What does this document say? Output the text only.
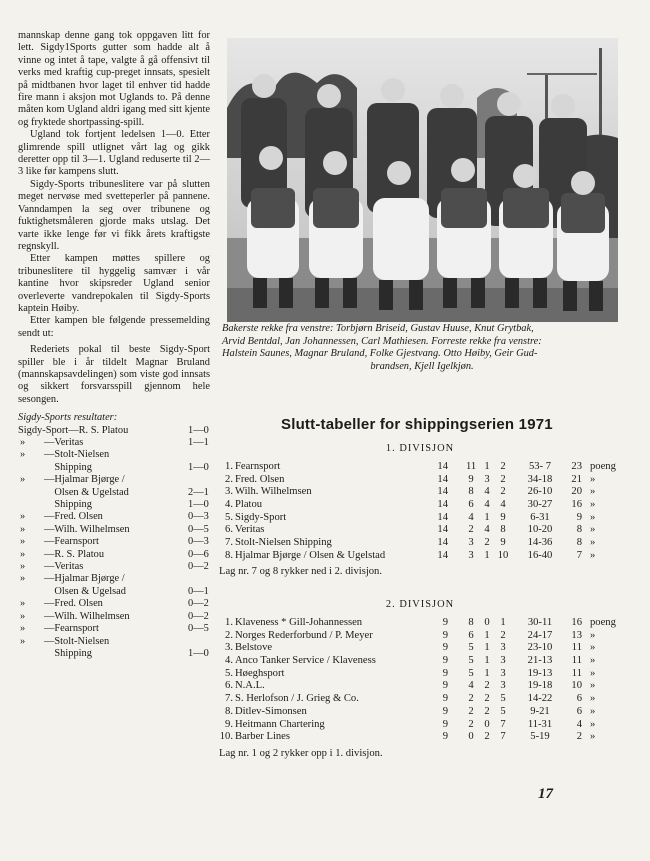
mannskap denne gang tok oppgaven litt for lett. Sigdy1Sports gutter som hadde alt å vinne og intet å tape, valgte å gå offensivt til verks med kraftig cup-preget innsats, spesielt på midtbanen hvor laget til enhver tid hadde fire mann i aksjon mot Uglands to. På denne måten kom Ugland aldri igang med sitt kjente og fryktede shortpassing-spill.

Ugland tok fortjent ledelsen 1—0. Etter glimrende spill utlignet vårt lag og gikk deretter opp til 3—1. Ugland reduserte til 2—3 like før kampens slutt.

Sigdy-Sports tribunesliterе var på slutten meget nervøse med svetteperler på pannene. Vanndampen la seg over tribunene og fuktighetsmåleren gjorde maks utslag. Det varte ikke lenge før vi fikk årets kraftigste regnskyll.

Etter kampen møttes spillere og tribuneslitere til hyggelig samvær i vår kantine hvor skipsreder Ugland senior overleverte vandrepokalen til Sigdy-Sports kaptein Høiby.

Etter kampen ble følgende pressemelding sendt ut:

Rederiets pokal til beste Sigdy-Sport spiller ble i år tildelt Magnar Bruland (mannskapsavdelingen) som viste god innsats og sikkert forsvarsspill gjennom hele sesongen.

Sigdy-Sports resultater:
Sigdy-Sport—R. S. Platou	1—0
»	—Veritas	1—1
»	—Stolt-Nielsen
Shipping	1—0
»	—Hjalmar Bjørge /
Olsen & Ugelstad	2—1
Shipping	1—0
»	—Fred. Olsen	0—3
»	—Wilh. Wilhelmsen	0—5
»	—Fearnsport	0—3
»	—R. S. Platou	0—6
»	—Veritas	0—2
»	—Hjalmar Bjørge /
Olsen & Ugelsad	0—1
»	—Fred. Olsen	0—2
»	—Wilh. Wilhelmsen	0—2
»	—Fearnsport	0—5
»	—Stolt-Nielsen
Shipping	1—0
Bakerste rekke fra venstre: Torbjørn Briseid, Gustav Huuse, Knut Grytbak,
Arvid Bentdal, Jan Johannessen, Carl Mathiesen. Forreste rekke fra venstre:
Halstein Saunes, Magnar Bruland, Folke Gjestvang. Otto Høiby, Geir Gud-
brandsen, Kjell Igelkjøn.
Slutt-tabeller for shippingserien 1971
1. DIVISJON
1. Fearnsport	14 11 1	2	53- 7	23 poeng
2. Fred. Olsen	14 9 3	2	34-18	21 »
3. Wilh. Wilhelmsen	14 8 4	2	26-10	20 »
4. Platou	14 6 4	4	30-27	16 »
5. Sigdy-Sport	14 4 1	9	6-31	9 »
6. Veritas	14 2 4	8	10-20	8 »
7. Stolt-Nielsen Shipping	14 3 2	9	14-36	8 »
8. Hjalmar Bjørge / Olsen & Ugelstad	14 3 1 10	16-40	7 »
Lag nr. 7 og 8 rykker ned i 2. divisjon.
2. DIVISJON
1. Klaveness * Gill-Johannessen	9 8 0	1	30-11	16 poeng
2. Norges Rederforbund / P. Meyer	9 6 1	2	24-17	13 »
3. Belstove	9 5 1	3	23-10	11 »
4. Anco Tanker Service / Klaveness	9 5 1	3	21-13	11 »
5. Høeghsport	9 5 1	3	19-13	11 »
6. N.A.L.	9 4 2	3	19-18	10 »
7. S. Herlofson / J. Grieg & Co.	9 2 2	5	14-22	6 »
8. Ditlev-Simonsen	9 2 2	5	9-21	6 »
9. Heitmann Chartering	9 2 0	7	11-31	4 »
10. Barber Lines	9 0 2	7	5-19	2 »
Lag nr. 1 og 2 rykker opp i 1. divisjon.
17
